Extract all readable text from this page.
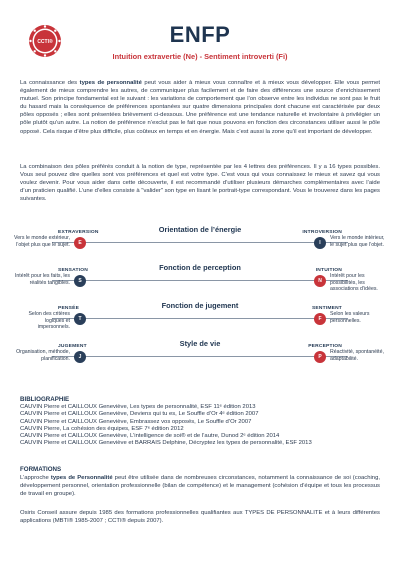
CCTI®	ENFP
Intuition extravertie (Ne) - Sentiment introverti (Fi)
La connaissance des types de personnalité peut vous aider à mieux vous connaître et à mieux vous développer. Elle vous permet également de mieux comprendre les autres, de communiquer plus facilement et de faire des différences une source d’enrichissement mutuel. Son principe fondamental est le suivant : les variations de comportement que l’on observe entre les individus ne sont pas le fruit du hasard mais la conséquence de préférences spontanées sur quatre dimensions principales dont chacune est caractérisée par deux pôles opposés ; elles sont présentées brièvement ci-dessous. Une préférence est une tendance naturelle et involontaire à privilégier un pôle plutôt qu’un autre. La notion de préférence n’exclut pas le fait que nous pouvons en fonction des circonstances utiliser aussi le pôle opposé. Cela risque d’être plus difficile, plus coûteux en temps et en énergie. Mais c’est aussi la zone qu’il est important de développer.
La combinaison des pôles préférés conduit à la notion de type, représentée par les 4 lettres des préférences. Il y a 16 types possibles. Vous seul pouvez dire quelles sont vos préférences et quel est votre type. C’est vous qui vous connaissez le mieux et savez qui vous voulez devenir. Pour vous aider dans cette découverte, il est recommandé d’utiliser plusieurs démarches complémentaires avec l’aide d’un praticien qualifié. L’une d’elles consiste à "valider" son type en lisant le portrait-type correspondant. Vous le trouverez dans les pages suivantes.
Orientation de l’énergie
EXTRAVERSION	INTROVERSION
E	I
Vers le monde extérieur, l’objet plus que le sujet.
Vers le monde intérieur, le sujet plus que l’objet.
Fonction de perception
SENSATION	INTUITION
S	N
Intérêt pour les faits, les réalités tangibles.
Intérêt pour les possibilités, les associations d’idées.
Fonction de jugement
PENSÉE	SENTIMENT
T	F
Selon des critères logiques et impersonnels.
Selon les valeurs personnelles.
Style de vie
JUGEMENT	PERCEPTION
J	P
Organisation, méthode, planification.
Réactivité, spontanéité, adaptabilité.
BIBLIOGRAPHIE
CAUVIN Pierre et CAILLOUX Geneviève, Les types de personnalité, ESF 11ᵉ édition 2013
CAUVIN Pierre et CAILLOUX Geneviève, Deviens qui tu es, Le Souffle d’Or 4ᵉ édition 2007
CAUVIN Pierre et CAILLOUX Geneviève, Embrassez vos opposés, Le Souffle d’Or 2007
CAUVIN Pierre, La cohésion des équipes, ESF 7ᵉ édition 2012
CAUVIN Pierre et CAILLOUX Geneviève, L’intelligence de soi® et de l’autre, Dunod 2ᵉ édition 2014
CAUVIN Pierre et CAILLOUX Geneviève et BARRAIS Delphine, Décryptez les types de personnalité, ESF 2013
FORMATIONS
L’approche types de Personnalité peut être utilisée dans de nombreuses circonstances, notamment la connaissance de soi (coaching, développement personnel, orientation professionnelle (bilan de compétence) et le management (cohésion d’équipe et tous les processus de travail en groupe).
Osiris Conseil assure depuis 1985 des formations professionnelles qualifiantes aux TYPES DE PERSONNALITE et à leurs différentes applications (MBTI® 1985-2007 ; CCTI® depuis 2007).
